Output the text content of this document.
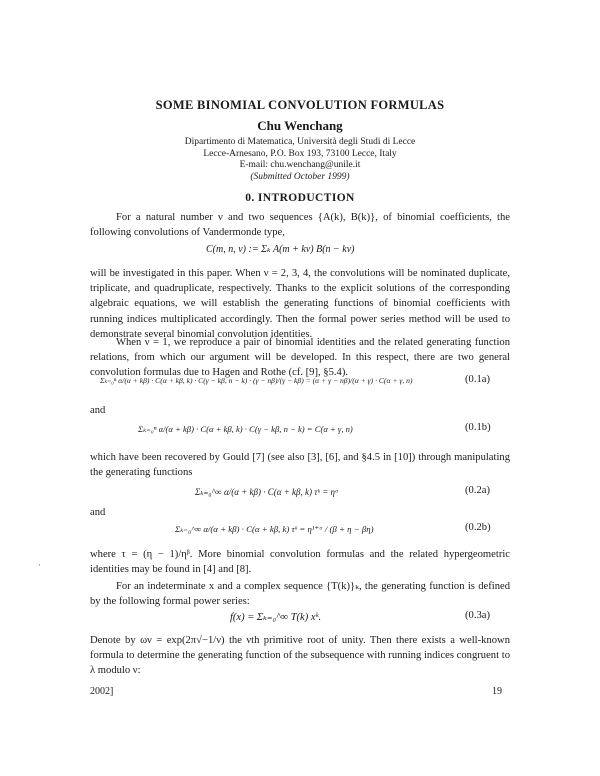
SOME BINOMIAL CONVOLUTION FORMULAS
Chu Wenchang
Dipartimento di Matematica, Università degli Studi di Lecce
Lecce-Arnesano, P.O. Box 193, 73100 Lecce, Italy
E-mail: chu.wenchang@unile.it
(Submitted October 1999)
0. INTRODUCTION

For a natural number ν and two sequences {A(k), B(k)}, of binomial coefficients, the following convolutions of Vandermonde type,

C(m, n, ν) := Σₖ A(m + kν) B(n − kν)

will be investigated in this paper. When ν = 2, 3, 4, the convolutions will be nominated duplicate, triplicate, and quadruplicate, respectively. Thanks to the explicit solutions of the corresponding algebraic equations, we will establish the generating functions of binomial coefficients with running indices multiplicated accordingly. Then the formal power series method will be used to demonstrate several binomial convolution identities.

When ν = 1, we reproduce a pair of binomial identities and the related generating function relations, from which our argument will be developed. In this respect, there are two general convolution formulas due to Hagen and Rothe (cf. [9], §5.4).

Σₖ₌₀ⁿ α/(α + kβ) · C(α + kβ, k) · C(γ − kβ, n − k) · (γ − nβ)/(γ − kβ) = (α + γ − nβ)/(α + γ) · C(α + γ, n)	(0.1a)
and
Σₖ₌₀ⁿ α/(α + kβ) · C(α + kβ, k) · C(γ − kβ, n − k) = C(α + γ, n)	(0.1b)

which have been recovered by Gould [7] (see also [3], [6], and §4.5 in [10]) through manipulating the generating functions

Σₖ₌₀^∞ α/(α + kβ) · C(α + kβ, k) τᵏ = ηᵅ	(0.2a)
and
Σₖ₌₀^∞ α/(α + kβ) · C(α + kβ, k) τᵏ = η¹⁺ᵅ / (β + η − βη)	(0.2b)

where τ = (η − 1)/ηᵝ. More binomial convolution formulas and the related hypergeometric identities may be found in [4] and [8].

·

For an indeterminate x and a complex sequence {T(k)}ₖ, the generating function is defined by the following formal power series:

f(x) = Σₖ₌₀^∞ T(k) xᵏ.	(0.3a)

Denote by ων = exp(2π√−1/ν) the νth primitive root of unity. Then there exists a well-known formula to determine the generating function of the subsequence with running indices congruent to λ modulo ν:

2002]	19
